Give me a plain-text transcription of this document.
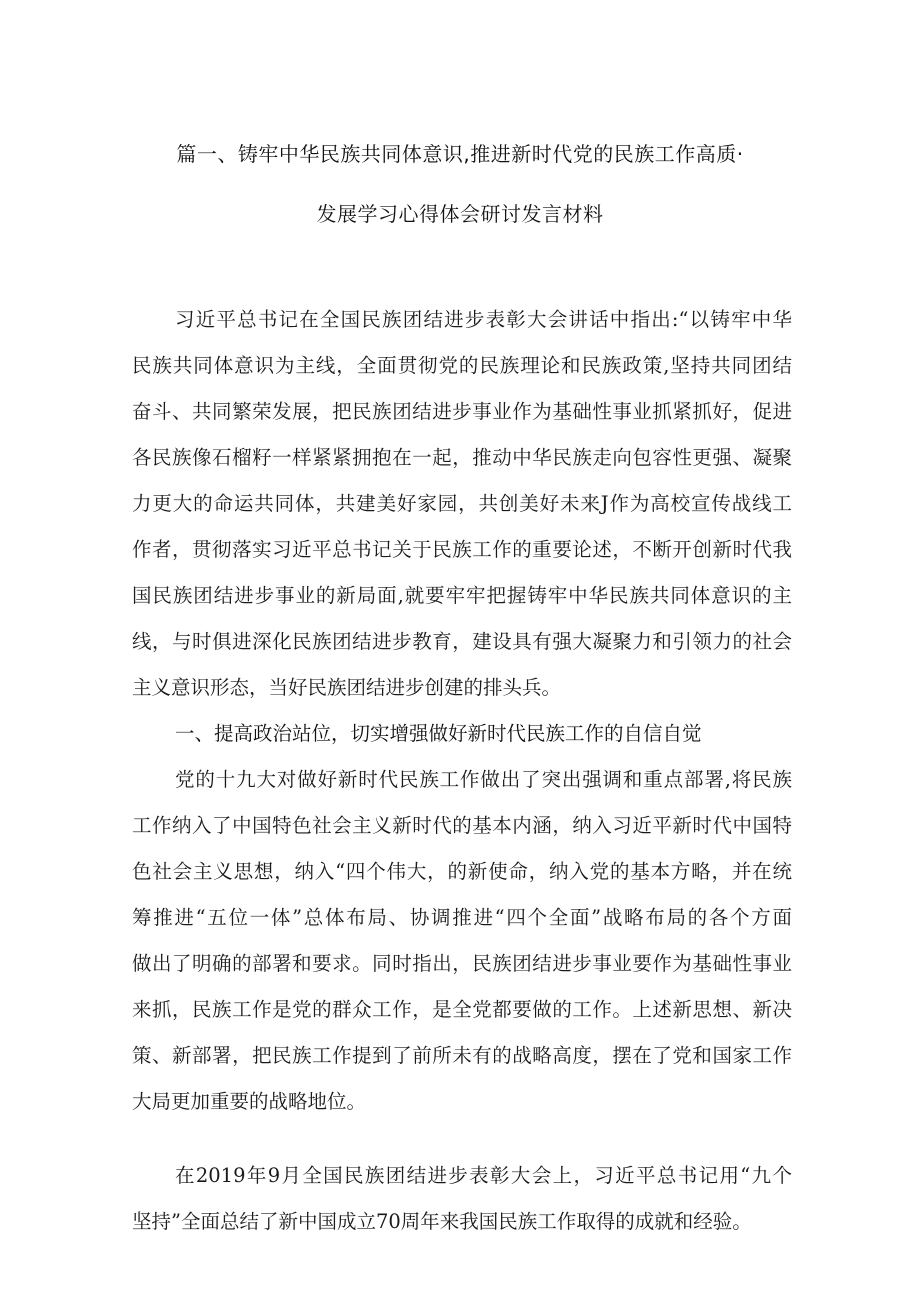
篇一、铸牢中华民族共同体意识,推进新时代党的民族工作高质·
发展学习心得体会研讨发言材料
习近平总书记在全国民族团结进步表彰大会讲话中指出:“以铸牢中华
民族共同体意识为主线，全面贯彻党的民族理论和民族政策,坚持共同团结
奋斗、共同繁荣发展，把民族团结进步事业作为基础性事业抓紧抓好，促进
各民族像石榴籽一样紧紧拥抱在一起，推动中华民族走向包容性更强、凝聚
力更大的命运共同体，共建美好家园，共创美好未来J作为高校宣传战线工
作者，贯彻落实习近平总书记关于民族工作的重要论述，不断开创新时代我
国民族团结进步事业的新局面,就要牢牢把握铸牢中华民族共同体意识的主
线，与时俱进深化民族团结进步教育，建设具有强大凝聚力和引领力的社会
主义意识形态，当好民族团结进步创建的排头兵。
一、提高政治站位，切实增强做好新时代民族工作的自信自觉
党的十九大对做好新时代民族工作做出了突出强调和重点部署,将民族
工作纳入了中国特色社会主义新时代的基本内涵，纳入习近平新时代中国特
色社会主义思想，纳入“四个伟大，的新使命，纳入党的基本方略，并在统
筹推进“五位一体”总体布局、协调推进“四个全面”战略布局的各个方面
做出了明确的部署和要求。同时指出，民族团结进步事业要作为基础性事业
来抓，民族工作是党的群众工作，是全党都要做的工作。上述新思想、新决
策、新部署，把民族工作提到了前所未有的战略高度，摆在了党和国家工作
大局更加重要的战略地位。
在2019年9月全国民族团结进步表彰大会上，习近平总书记用“九个
坚持”全面总结了新中国成立70周年来我国民族工作取得的成就和经验。
